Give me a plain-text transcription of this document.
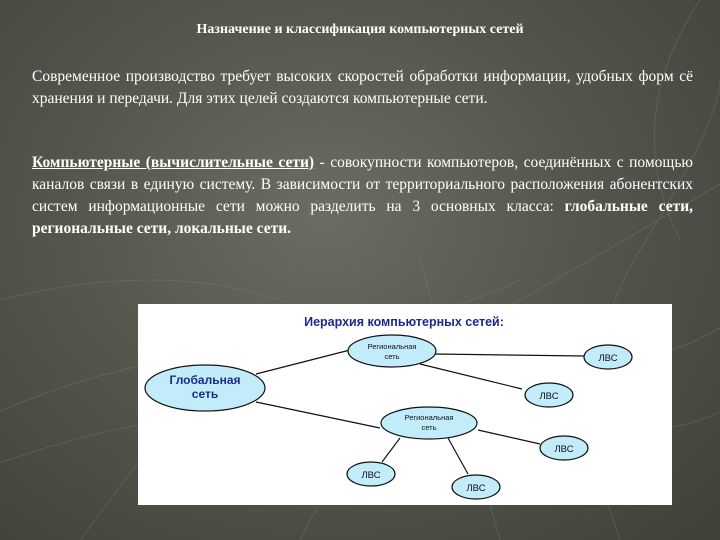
Назначение и классификация компьютерных сетей

Современное производство требует высоких скоростей обработки информации, удобных форм сё хранения и передачи. Для этих целей создаются компьютерные сети.

Компьютерные (вычислительные сети) - совокупности компьютеров, соединённых с помощью каналов связи в единую систему. В зависимости от территориального расположения абонентских систем информационные сети можно разделить на 3 основных класса: глобальные сети, региональные сети, локальные сети.

Иерархия компьютерных сетей:
Глобальная
сеть
Региональная
сеть
Региональная
сеть
ЛВС
ЛВС
ЛВС
ЛВС
ЛВС
